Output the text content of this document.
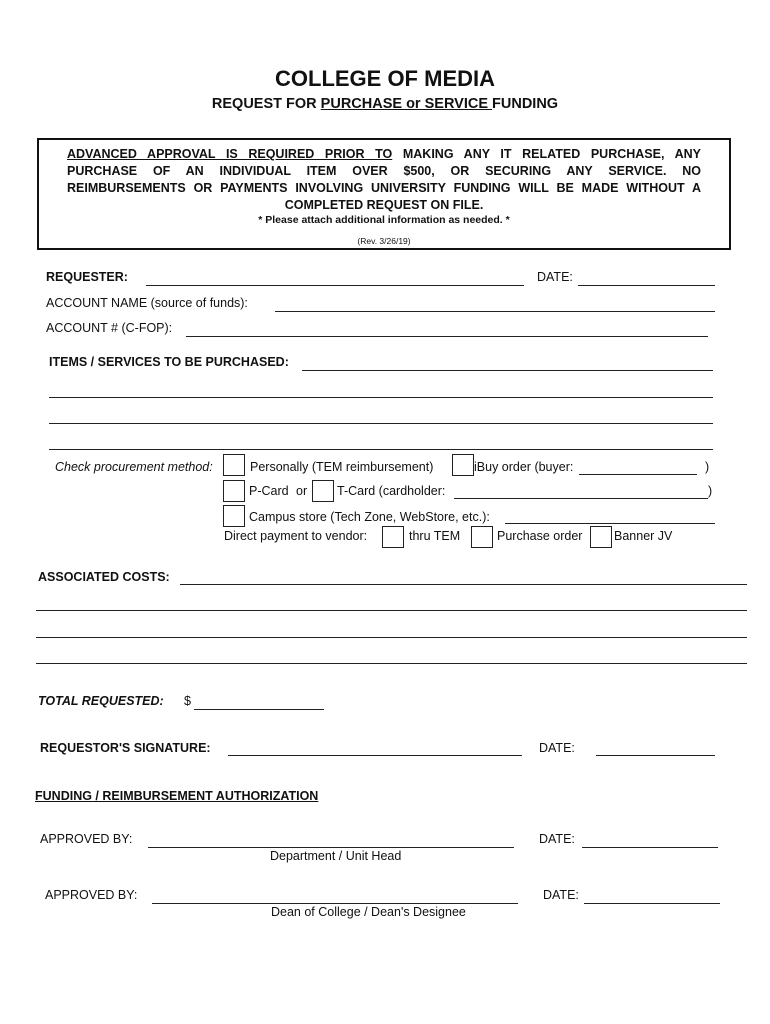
COLLEGE OF MEDIA
REQUEST FOR PURCHASE or SERVICE FUNDING
ADVANCED APPROVAL IS REQUIRED PRIOR TO MAKING ANY IT RELATED PURCHASE, ANY
PURCHASE OF AN INDIVIDUAL ITEM OVER $500, OR SECURING ANY SERVICE. NO
REIMBURSEMENTS OR PAYMENTS INVOLVING UNIVERSITY FUNDING WILL BE MADE WITHOUT A
COMPLETED REQUEST ON FILE.
* Please attach additional information as needed. *
(Rev. 3/26/19)
REQUESTER:	DATE:
ACCOUNT NAME (source of funds):
ACCOUNT # (C-FOP):
ITEMS / SERVICES TO BE PURCHASED:
Check procurement method:	Personally (TEM reimbursement)	iBuy order (buyer:	)
P-Card or T-Card (cardholder:	)
Campus store (Tech Zone, WebStore, etc.):
Direct payment to vendor:	thru TEM	Purchase order	Banner JV
ASSOCIATED COSTS:
TOTAL REQUESTED: $
REQUESTOR'S SIGNATURE:	DATE:
FUNDING / REIMBURSEMENT AUTHORIZATION
APPROVED BY:	DATE:
Department / Unit Head
APPROVED BY:	DATE:
Dean of College / Dean's Designee
